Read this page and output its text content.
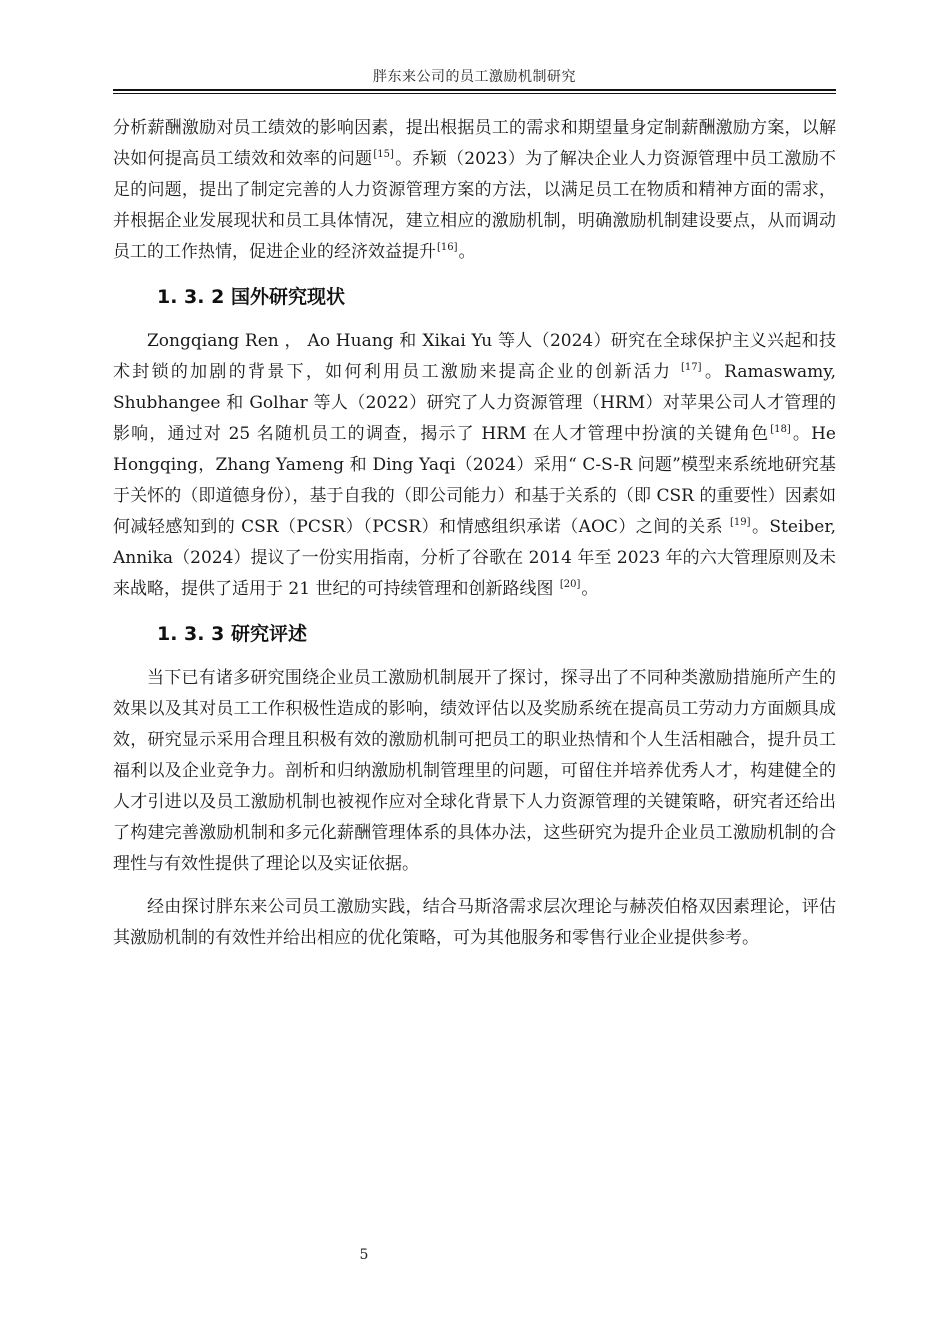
胖东来公司的员工激励机制研究

分析薪酬激励对员工绩效的影响因素，提出根据员工的需求和期望量身定制薪酬激励方案，以解决如何提高员工绩效和效率的问题[15]。乔颖（2023）为了解决企业人力资源管理中员工激励不足的问题，提出了制定完善的人力资源管理方案的方法，以满足员工在物质和精神方面的需求，并根据企业发展现状和员工具体情况，建立相应的激励机制，明确激励机制建设要点，从而调动员工的工作热情，促进企业的经济效益提升[16]。

1. 3. 2 国外研究现状

Zongqiang Ren ， Ao Huang 和 Xikai Yu 等人（2024）研究在全球保护主义兴起和技术封锁的加剧的背景下，如何利用员工激励来提高企业的创新活力 [17]。Ramaswamy, Shubhangee 和 Golhar 等人（2022）研究了人力资源管理（HRM）对苹果公司人才管理的影响，通过对 25 名随机员工的调查，揭示了 HRM 在人才管理中扮演的关键角色[18]。He Hongqing，Zhang Yameng 和 Ding Yaqi（2024）采用“ C-S-R 问题”模型来系统地研究基于关怀的（即道德身份），基于自我的（即公司能力）和基于关系的（即 CSR 的重要性）因素如何减轻感知到的 CSR（PCSR）（PCSR）和情感组织承诺（AOC）之间的关系 [19]。Steiber, Annika（2024）提议了一份实用指南，分析了谷歌在 2014 年至 2023 年的六大管理原则及未来战略，提供了适用于 21 世纪的可持续管理和创新路线图 [20]。

1. 3. 3 研究评述

当下已有诸多研究围绕企业员工激励机制展开了探讨，探寻出了不同种类激励措施所产生的效果以及其对员工工作积极性造成的影响，绩效评估以及奖励系统在提高员工劳动力方面颇具成效，研究显示采用合理且积极有效的激励机制可把员工的职业热情和个人生活相融合，提升员工福利以及企业竞争力。剖析和归纳激励机制管理里的问题，可留住并培养优秀人才，构建健全的人才引进以及员工激励机制也被视作应对全球化背景下人力资源管理的关键策略，研究者还给出了构建完善激励机制和多元化薪酬管理体系的具体办法，这些研究为提升企业员工激励机制的合理性与有效性提供了理论以及实证依据。

经由探讨胖东来公司员工激励实践，结合马斯洛需求层次理论与赫茨伯格双因素理论，评估其激励机制的有效性并给出相应的优化策略，可为其他服务和零售行业企业提供参考。

5
